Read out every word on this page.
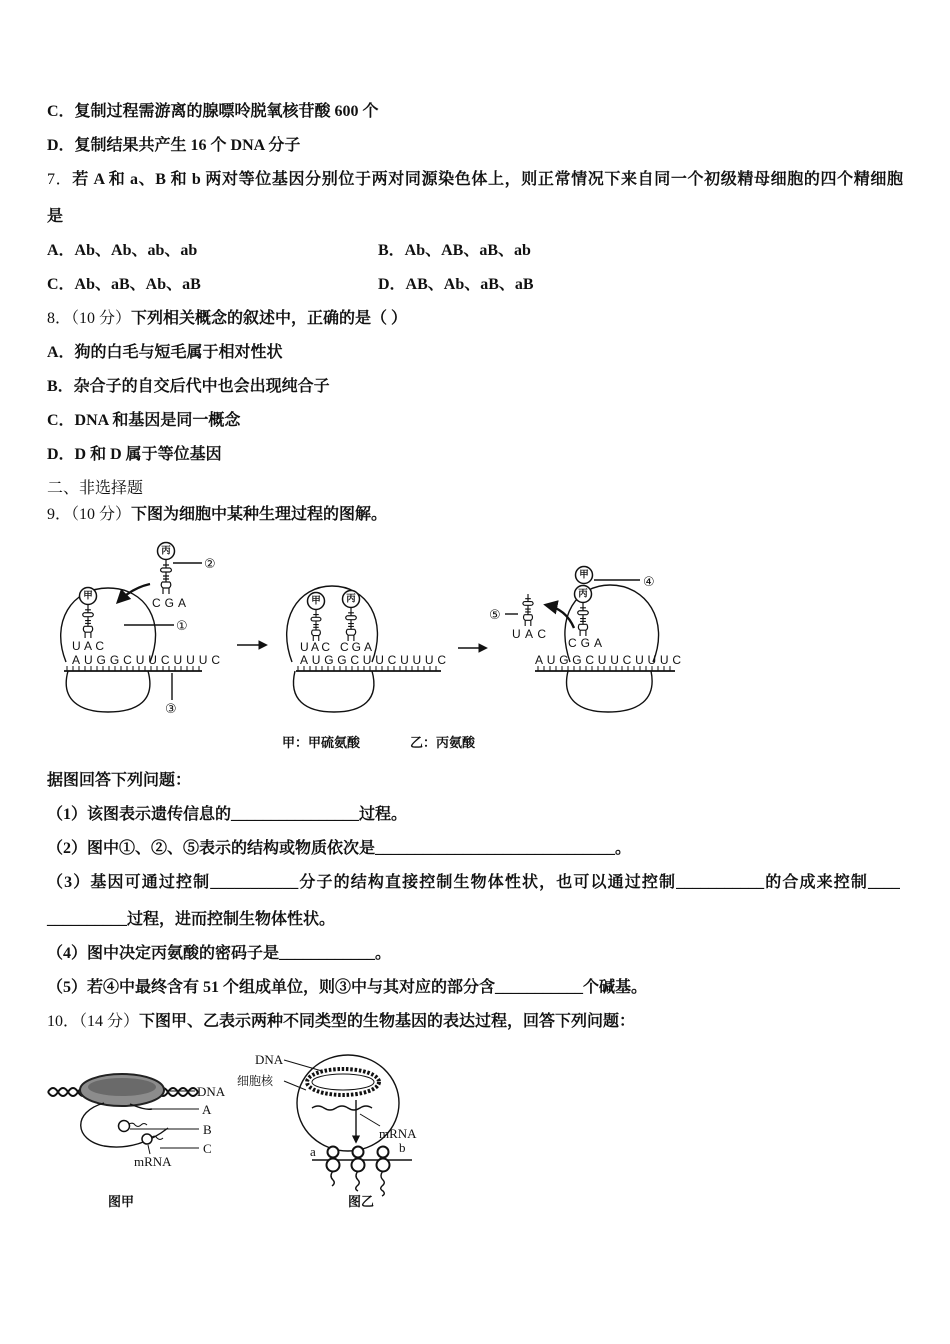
C．复制过程需游离的腺嘌呤脱氧核苷酸 600 个
D．复制结果共产生 16 个 DNA 分子
7．若 A 和 a、B 和 b 两对等位基因分别位于两对同源染色体上，则正常情况下来自同一个初级精母细胞的四个精细胞
是
A．Ab、Ab、ab、ab	B．Ab、AB、aB、ab
C．Ab、aB、Ab、aB	D．AB、Ab、aB、aB
8．（10 分）下列相关概念的叙述中，正确的是（ ）
A．狗的白毛与短毛属于相对性状
B．杂合子的自交后代中也会出现纯合子
C．DNA 和基因是同一概念
D．D 和 D 属于等位基因
二、非选择题
9．（10 分）下图为细胞中某种生理过程的图解。
丙
CGA
②
甲
UAC
①
AUGGCUUCUUUC
③
甲	丙
UAC CGA
AUGGCUUCUUUC
甲
丙
④
CGA
UAC
⑤
AUGGCUUCUUUC
甲：甲硫氨酸	乙：丙氨酸
据图回答下列问题：
（1）该图表示遗传信息的________________过程。
（2）图中①、②、⑤表示的结构或物质依次是______________________________。
（3）基因可通过控制___________分子的结构直接控制生物体性状，也可以通过控制___________的合成来控制____
__________过程，进而控制生物体性状。
（4）图中决定丙氨酸的密码子是____________。
（5）若④中最终含有 51 个组成单位，则③中与其对应的部分含___________个碱基。
10．（14 分）下图甲、乙表示两种不同类型的生物基因的表达过程，回答下列问题：
DNA
A
B
C
mRNA
图甲
DNA
细胞核
mRNA
a	b
图乙
